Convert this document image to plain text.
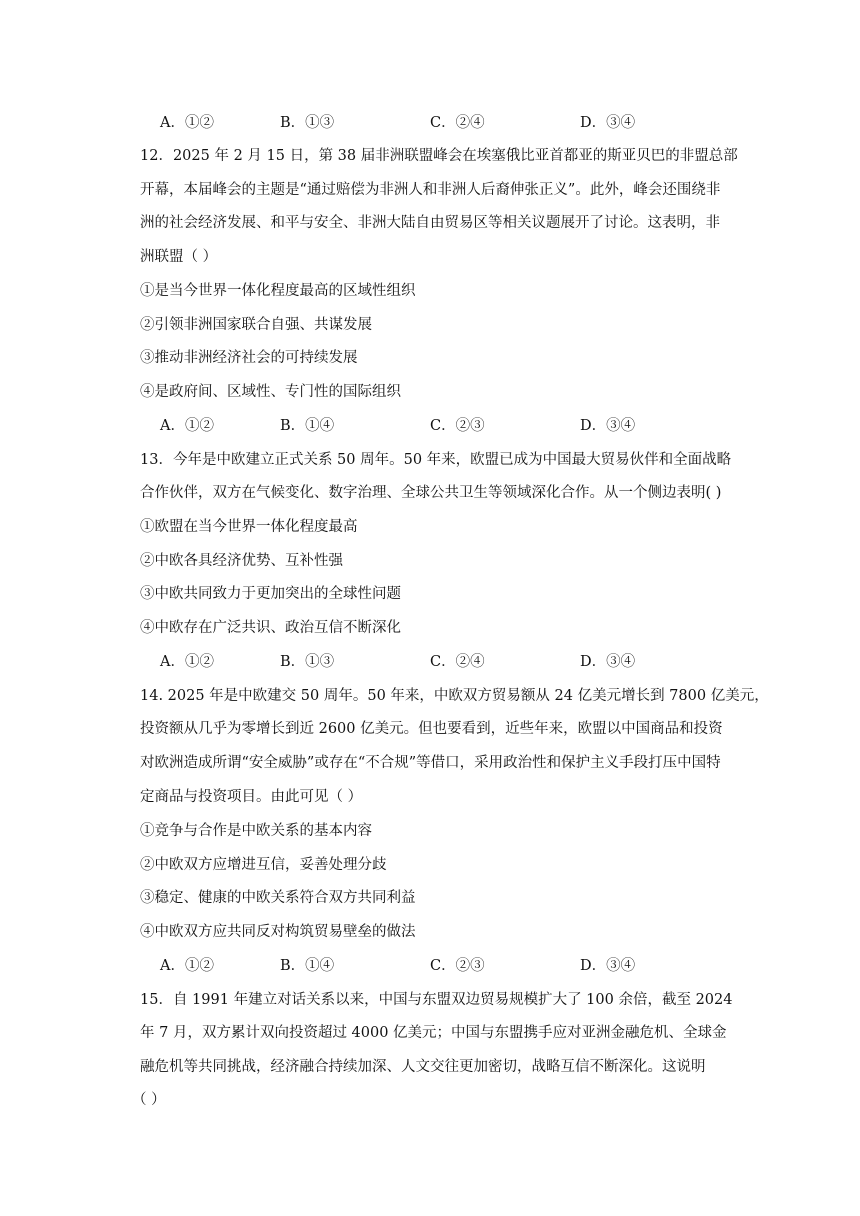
A．①②	B．①③	C．②④	D．③④
12．2025 年 2 月 15 日，第 38 届非洲联盟峰会在埃塞俄比亚首都亚的斯亚贝巴的非盟总部
开幕，本届峰会的主题是“通过赔偿为非洲人和非洲人后裔伸张正义”。此外，峰会还围绕非
洲的社会经济发展、和平与安全、非洲大陆自由贸易区等相关议题展开了讨论。这表明，非
洲联盟（ ）
①是当今世界一体化程度最高的区域性组织
②引领非洲国家联合自强、共谋发展
③推动非洲经济社会的可持续发展
④是政府间、区域性、专门性的国际组织
A．①②	B．①④	C．②③	D．③④
13．今年是中欧建立正式关系 50 周年。50 年来，欧盟已成为中国最大贸易伙伴和全面战略
合作伙伴，双方在气候变化、数字治理、全球公共卫生等领域深化合作。从一个侧边表明( )
①欧盟在当今世界一体化程度最高
②中欧各具经济优势、互补性强
③中欧共同致力于更加突出的全球性问题
④中欧存在广泛共识、政治互信不断深化
A．①②	B．①③	C．②④	D．③④
14. 2025 年是中欧建交 50 周年。50 年来，中欧双方贸易额从 24 亿美元增长到 7800 亿美元，
投资额从几乎为零增长到近 2600 亿美元。但也要看到，近些年来，欧盟以中国商品和投资
对欧洲造成所谓“安全威胁”或存在“不合规”等借口，采用政治性和保护主义手段打压中国特
定商品与投资项目。由此可见（ ）
①竞争与合作是中欧关系的基本内容
②中欧双方应增进互信，妥善处理分歧
③稳定、健康的中欧关系符合双方共同利益
④中欧双方应共同反对构筑贸易壁垒的做法
A．①②	B．①④	C．②③	D．③④
15．自 1991 年建立对话关系以来，中国与东盟双边贸易规模扩大了 100 余倍，截至 2024
年 7 月，双方累计双向投资超过 4000 亿美元；中国与东盟携手应对亚洲金融危机、全球金
融危机等共同挑战，经济融合持续加深、人文交往更加密切，战略互信不断深化。这说明
（ ）
